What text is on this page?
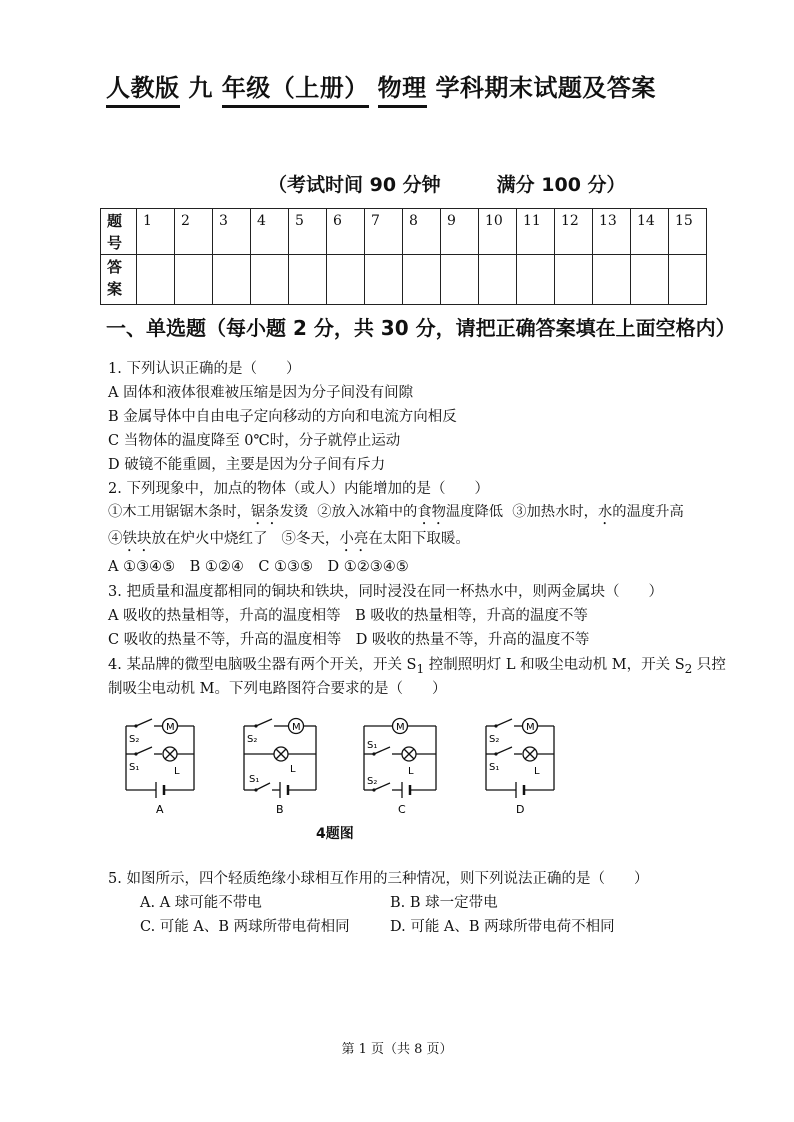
人教版 九 年级（上册） 物理 学科期末试题及答案
（考试时间 90 分钟	满分 100 分）
题号	1	2	3	4	5	6	7	8	9	10	11	12	13	14	15
答案															
一、单选题（每小题 2 分，共 30 分，请把正确答案填在上面空格内）
1. 下列认识正确的是（　　）
A 固体和液体很难被压缩是因为分子间没有间隙
B 金属导体中自由电子定向移动的方向和电流方向相反
C 当物体的温度降至 0℃时，分子就停止运动
D 破镜不能重圆，主要是因为分子间有斥力
2. 下列现象中，加点的物体（或人）内能增加的是（　　）
①木工用锯锯木条时，锯条发烫 ②放入冰箱中的食物温度降低 ③加热水时，水的温度升高
④铁块放在炉火中烧红了 ⑤冬天，小亮在太阳下取暖。
A ①③④⑤　B ①②④　C ①③⑤　D ①②③④⑤
3. 把质量和温度都相同的铜块和铁块，同时浸没在同一杯热水中，则两金属块（　　）
A 吸收的热量相等，升高的温度相等　B 吸收的热量相等，升高的温度不等
C 吸收的热量不等，升高的温度相等　D 吸收的热量不等，升高的温度不等
4. 某品牌的微型电脑吸尘器有两个开关，开关 $S_1$ 控制照明灯 L 和吸尘电动机 M，开关 $S_2$ 只控
制吸尘电动机 M。下列电路图符合要求的是（　　）
M
S₂
S₁	L
A
M
S₂
S₁
L
B
M
S₁
S₂
L
C
M
S₂
S₁	L
D
4题图
5. 如图所示，四个轻质绝缘小球相互作用的三种情况，则下列说法正确的是（　　）
A. A 球可能不带电	B. B 球一定带电
C. 可能 A、B 两球所带电荷相同	D. 可能 A、B 两球所带电荷不相同
第 1 页（共 8 页）
